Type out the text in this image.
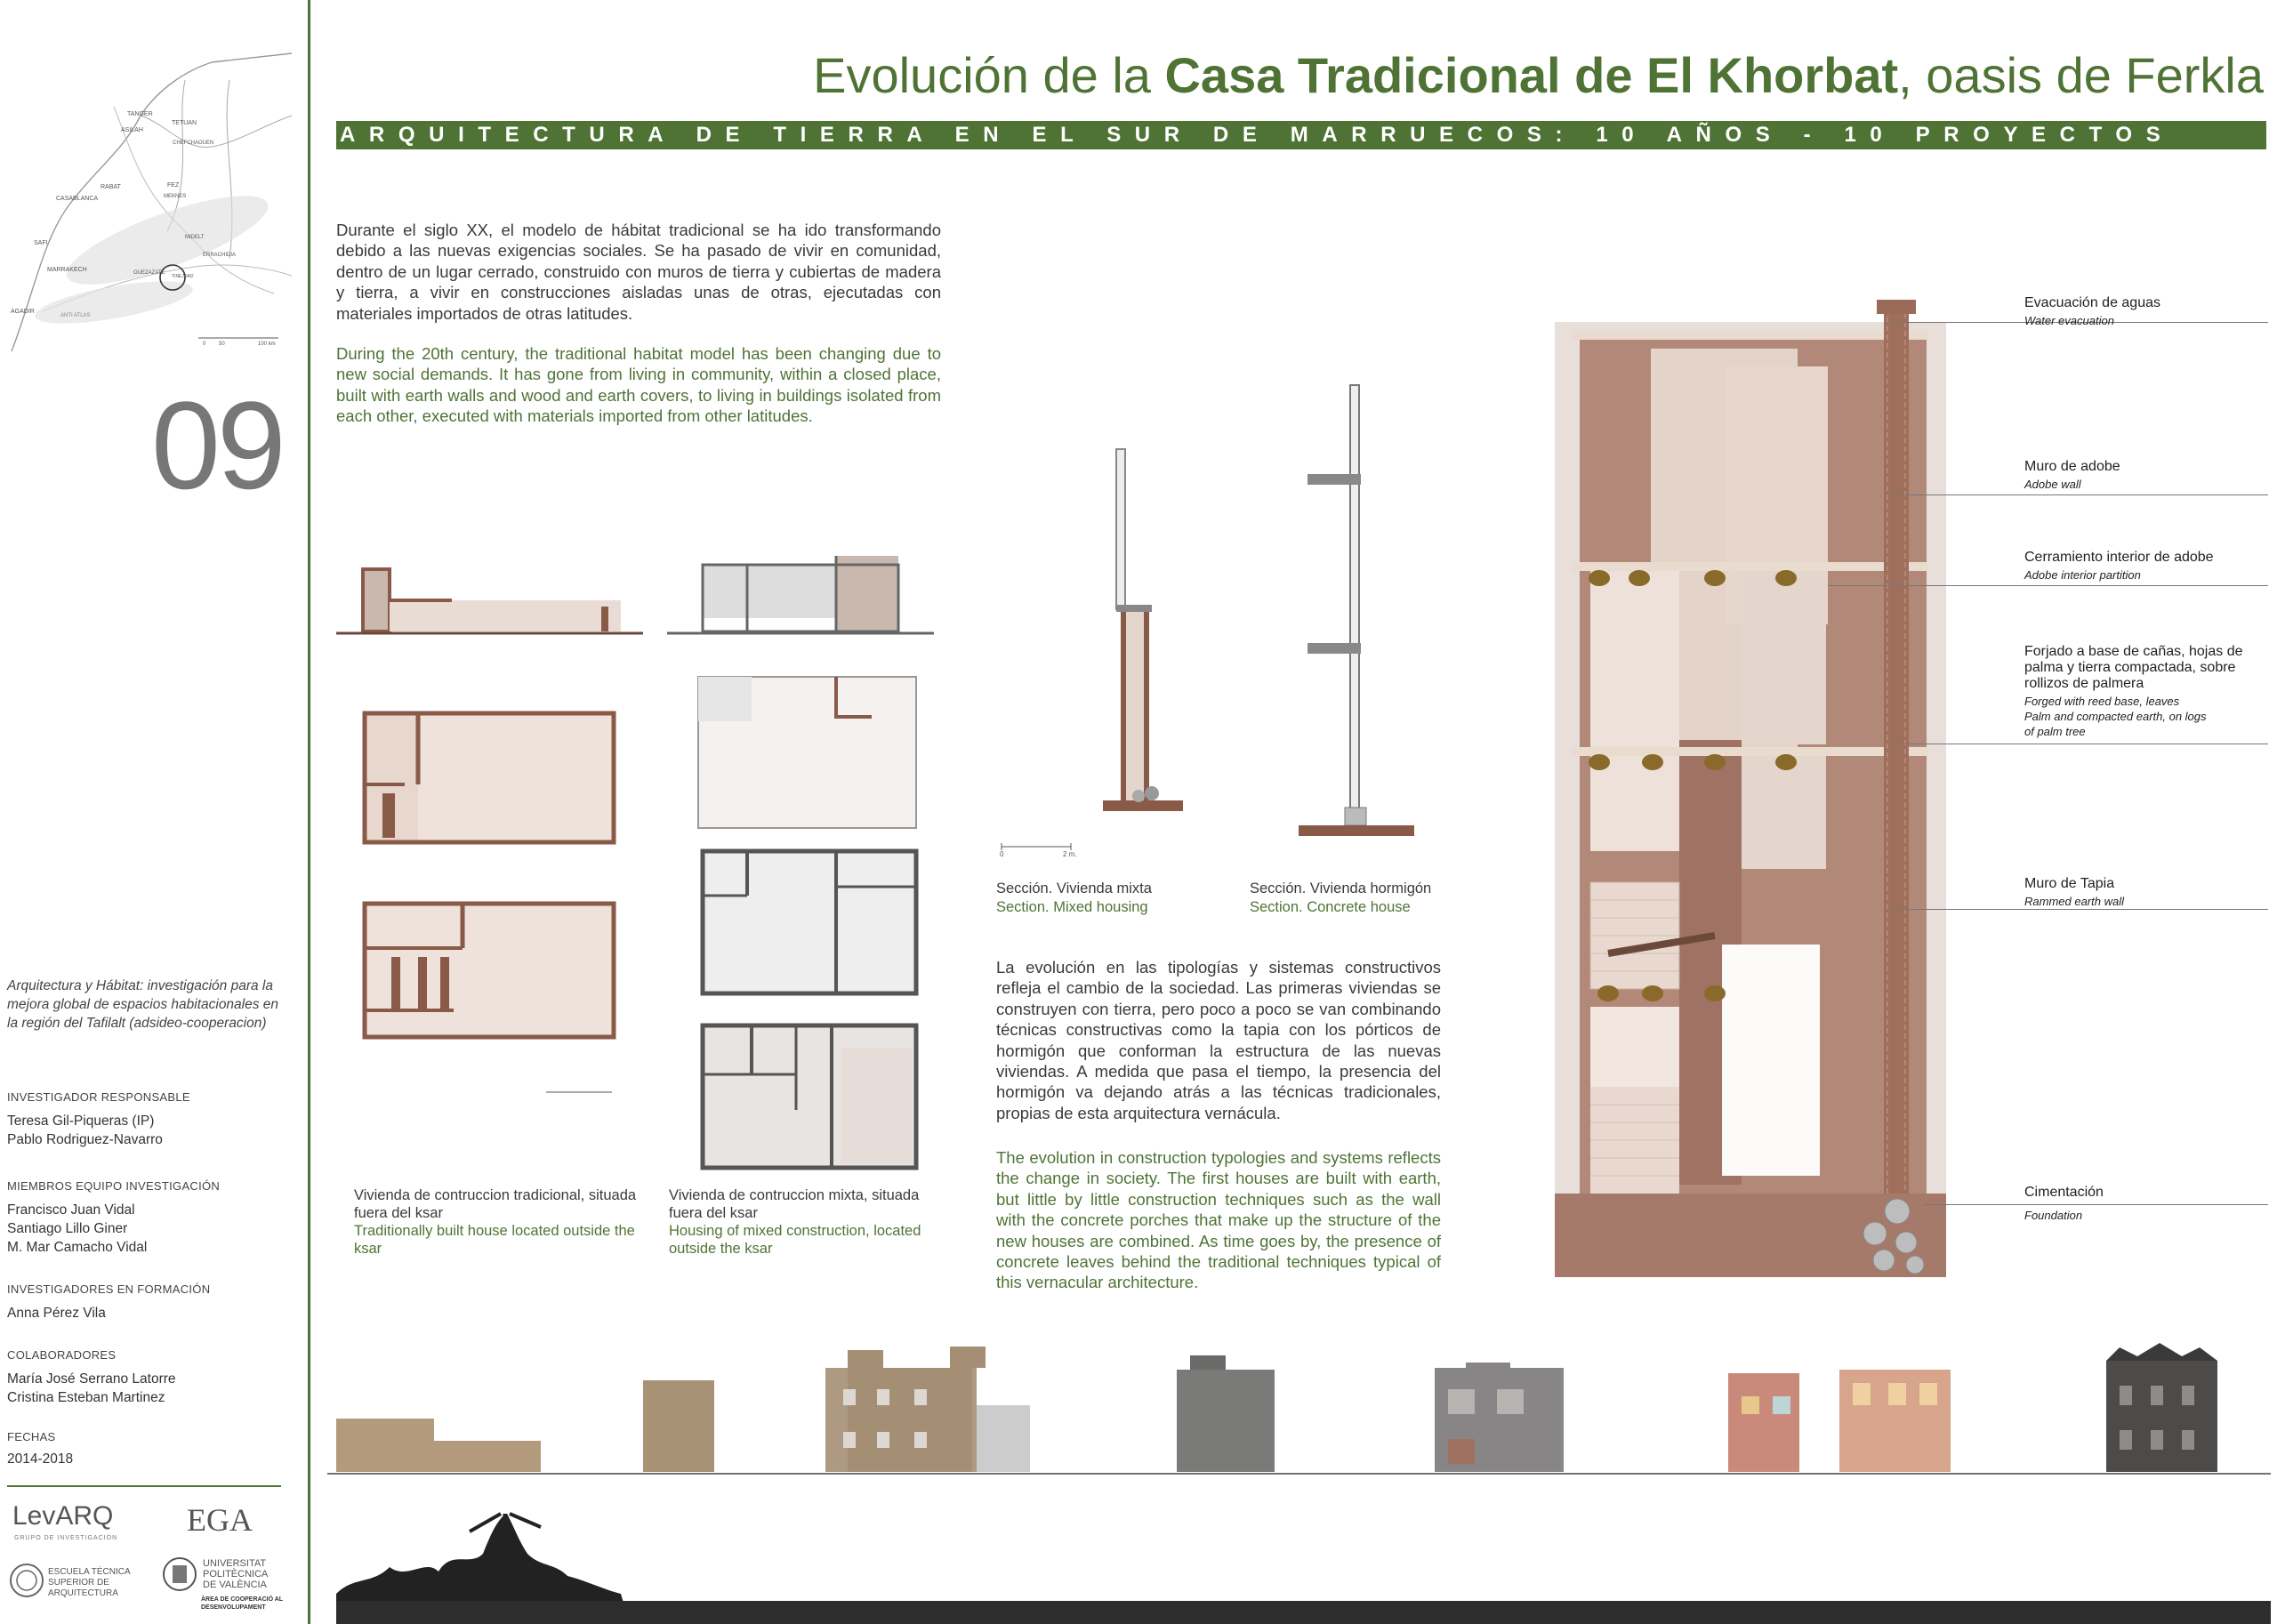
TANGER
TETUAN
ASILAH
CHEFCHAOUEN
RABAT
CASABLANCA
FEZ
MEKNES
MIDELT
SAFI
MARRAKECH
ERRACHIDIA
OUEZAZATE
TINEJDAD
AGADIR
ANTI ATLAS
0 50	100 km
09
Arquitectura y Hábitat: investigación para la mejora global de espacios habitacionales en la región del Tafilalt (adsideo-cooperacion)
INVESTIGADOR RESPONSABLE
Teresa Gil-Piqueras (IP)
Pablo Rodriguez-Navarro
MIEMBROS EQUIPO INVESTIGACIÓN
Francisco Juan Vidal
Santiago Lillo Giner
M. Mar Camacho Vidal
INVESTIGADORES EN FORMACIÓN
Anna Pérez Vila
COLABORADORES
María José Serrano Latorre
Cristina Esteban Martinez
FECHAS
2014-2018
LevARQ
GRUPO DE INVESTIGACIÓN
EGA
ESCUELA TÉCNICA
SUPERIOR DE
ARQUITECTURA
UNIVERSITAT
POLITÈCNICA
DE VALÈNCIA
ÀREA DE COOPERACIÓ AL
DESENVOLUPAMENT
Evolución de la Casa Tradicional de El Khorbat, oasis de Ferkla
ARQUITECTURA DE TIERRA EN EL SUR DE MARRUECOS: 10 AÑOS - 10 PROYECTOS
Durante el siglo XX, el modelo de hábitat tradicional se ha ido transformando debido a las nuevas exigencias sociales. Se ha pasado de vivir en comunidad, dentro de un lugar cerrado, construido con muros de tierra y cubiertas de madera y tierra, a vivir en construcciones aisladas unas de otras, ejecutadas con materiales importados de otras latitudes.
During the 20th century, the traditional habitat model has been changing due to new social demands. It has gone from living in community, within a closed place, built with earth walls and wood and earth covers, to living in buildings isolated from each other, executed with materials imported from other latitudes.
Vivienda de contruccion tradicional, situada fuera del ksar
Traditionally built house located outside the ksar
Vivienda de contruccion mixta, situada fuera del ksar
Housing of mixed construction, located outside the ksar
0	2 m.
Sección. Vivienda mixta
Section. Mixed housing
Sección. Vivienda hormigón
Section. Concrete house
La evolución en las tipologías y sistemas constructivos refleja el cambio de la sociedad. Las primeras viviendas se construyen con tierra, pero poco a poco se van combinando técnicas constructivas como la tapia con los pórticos de hormigón que conforman la estructura de las nuevas viviendas. A medida que pasa el tiempo, la presencia del hormigón va dejando atrás a las técnicas tradicionales, propias de esta arquitectura vernácula.
The evolution in construction typologies and systems reflects the change in society. The first houses are built with earth, but little by little construction techniques such as the wall with the concrete porches that make up the structure of the new houses are combined. As time goes by, the presence of concrete leaves behind the traditional techniques typical of this vernacular architecture.
Evacuación de aguas
Water evacuation
Muro de adobe
Adobe wall
Cerramiento interior de adobe
Adobe interior partition
Forjado a base de cañas, hojas de
palma y tierra compactada, sobre
rollizos de palmera
Forged with reed base, leaves
Palm and compacted earth, on logs
of palm tree
Muro de Tapia
Rammed earth wall
Cimentación
Foundation
